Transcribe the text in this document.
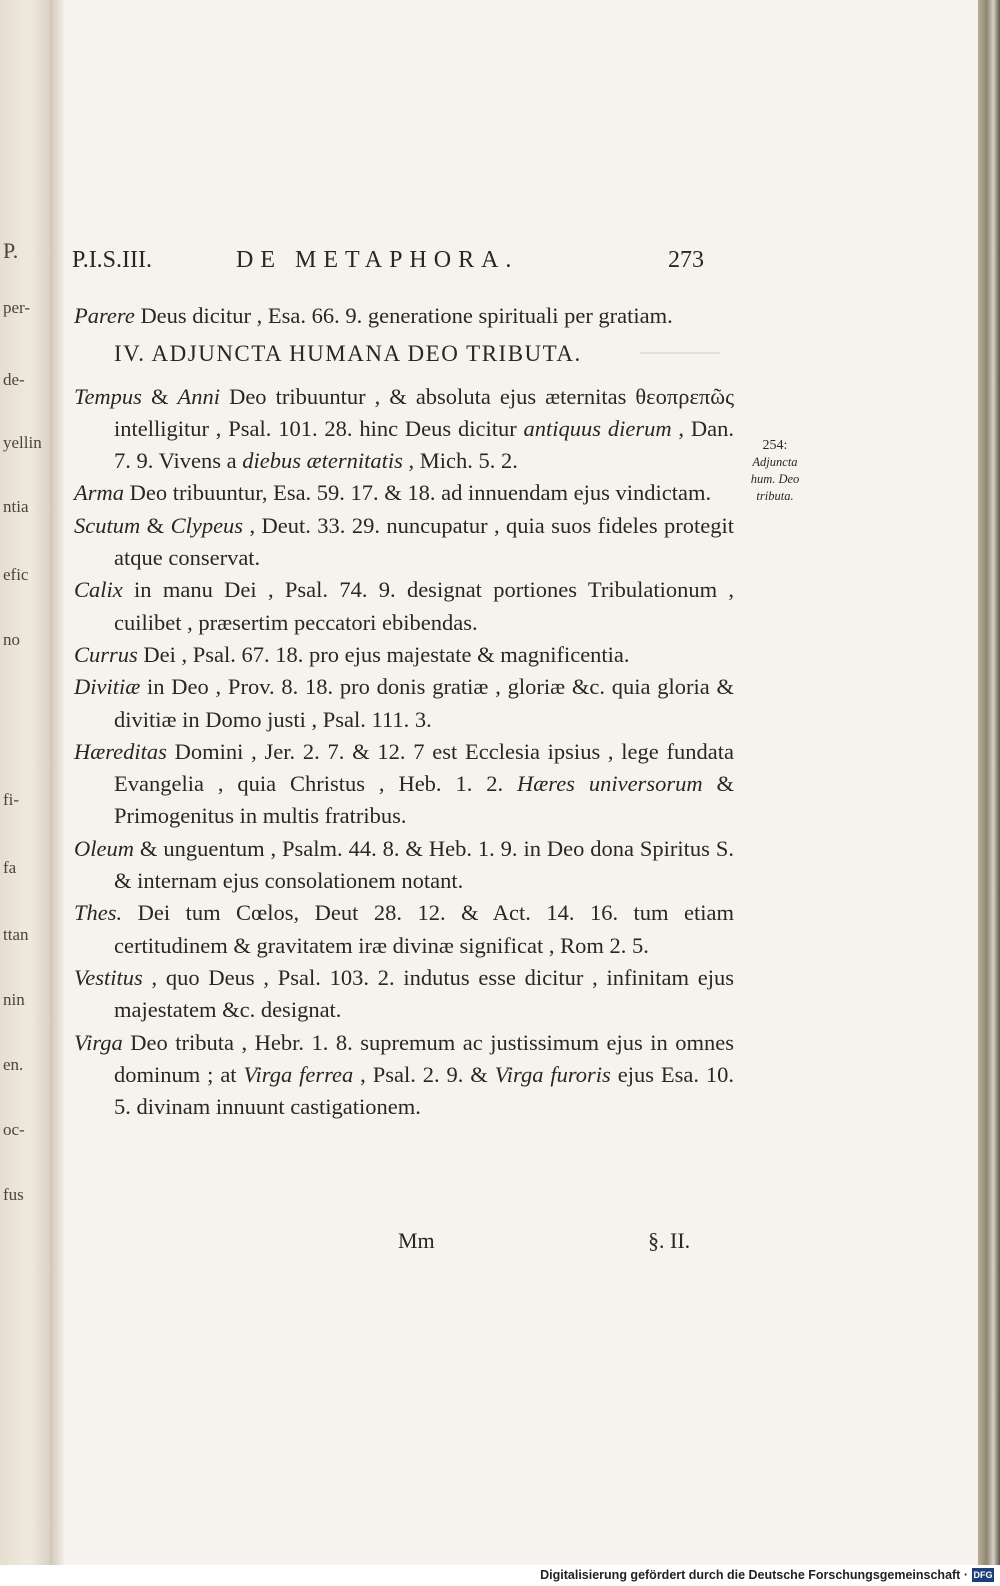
P.
per-
de-
yellin
ntia
efic
no
fi-
fa
ttan
nin
en.
oc-
fus
P.I.S.III.	DE METAPHORA.	273
254:
Adjuncta
hum. Deo
tributa.

Parere Deus dicitur , Esa. 66. 9. generatione spirituali per gratiam.

IV. ADJUNCTA HUMANA DEO TRIBUTA.

Tempus & Anni Deo tribuuntur , & absoluta ejus æternitas θεοπρεπῶς intelligitur , Psal. 101. 28. hinc Deus dicitur antiquus dierum , Dan. 7. 9. Vivens a diebus æternitatis , Mich. 5. 2.

Arma Deo tribuuntur, Esa. 59. 17. & 18. ad innuendam ejus vindictam.

Scutum & Clypeus , Deut. 33. 29. nuncupatur , quia suos fideles protegit atque conservat.

Calix in manu Dei , Psal. 74. 9. designat portiones Tribulationum , cuilibet , præsertim peccatori ebibendas.

Currus Dei , Psal. 67. 18. pro ejus majestate & magnificentia.

Divitiæ in Deo , Prov. 8. 18. pro donis gratiæ , gloriæ &c. quia gloria & divitiæ in Domo justi , Psal. 111. 3.

Hæreditas Domini , Jer. 2. 7. & 12. 7 est Ecclesia ipsius , lege fundata Evangelia , quia Christus , Heb. 1. 2. Hæres universorum & Primogenitus in multis fratribus.

Oleum & unguentum , Psalm. 44. 8. & Heb. 1. 9. in Deo dona Spiritus S. & internam ejus consolationem notant.

Thes. Dei tum Cœlos, Deut 28. 12. & Act. 14. 16. tum etiam certitudinem & gravitatem iræ divinæ significat , Rom 2. 5.

Vestitus , quo Deus , Psal. 103. 2. indutus esse dicitur , infinitam ejus majestatem &c. designat.

Virga Deo tributa , Hebr. 1. 8. supremum ac justissimum ejus in omnes dominum ; at Virga ferrea , Psal. 2. 9. & Virga furoris ejus Esa. 10. 5. divinam innuunt castigationem.

Mm	§. II.
Digitalisierung gefördert durch die Deutsche Forschungsgemeinschaft · DFG
